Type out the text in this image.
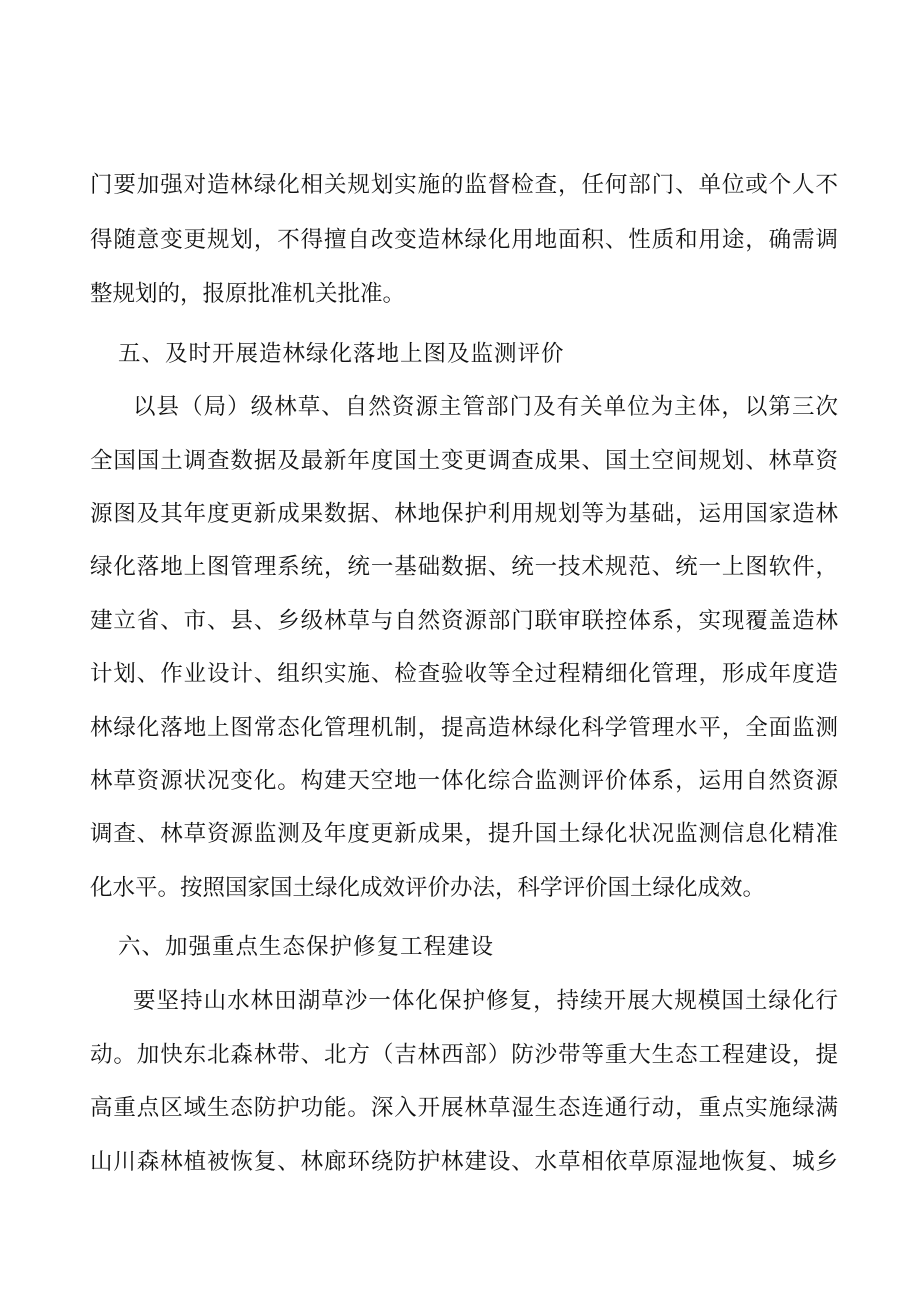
门要加强对造林绿化相关规划实施的监督检查，任何部门、单位或个人不
得随意变更规划，不得擅自改变造林绿化用地面积、性质和用途，确需调
整规划的，报原批准机关批准。
五、及时开展造林绿化落地上图及监测评价
以县（局）级林草、自然资源主管部门及有关单位为主体，以第三次
全国国土调查数据及最新年度国土变更调查成果、国土空间规划、林草资
源图及其年度更新成果数据、林地保护利用规划等为基础，运用国家造林
绿化落地上图管理系统，统一基础数据、统一技术规范、统一上图软件，
建立省、市、县、乡级林草与自然资源部门联审联控体系，实现覆盖造林
计划、作业设计、组织实施、检查验收等全过程精细化管理，形成年度造
林绿化落地上图常态化管理机制，提高造林绿化科学管理水平，全面监测
林草资源状况变化。构建天空地一体化综合监测评价体系，运用自然资源
调查、林草资源监测及年度更新成果，提升国土绿化状况监测信息化精准
化水平。按照国家国土绿化成效评价办法，科学评价国土绿化成效。
六、加强重点生态保护修复工程建设
要坚持山水林田湖草沙一体化保护修复，持续开展大规模国土绿化行
动。加快东北森林带、北方（吉林西部）防沙带等重大生态工程建设，提
高重点区域生态防护功能。深入开展林草湿生态连通行动，重点实施绿满
山川森林植被恢复、林廊环绕防护林建设、水草相依草原湿地恢复、城乡
